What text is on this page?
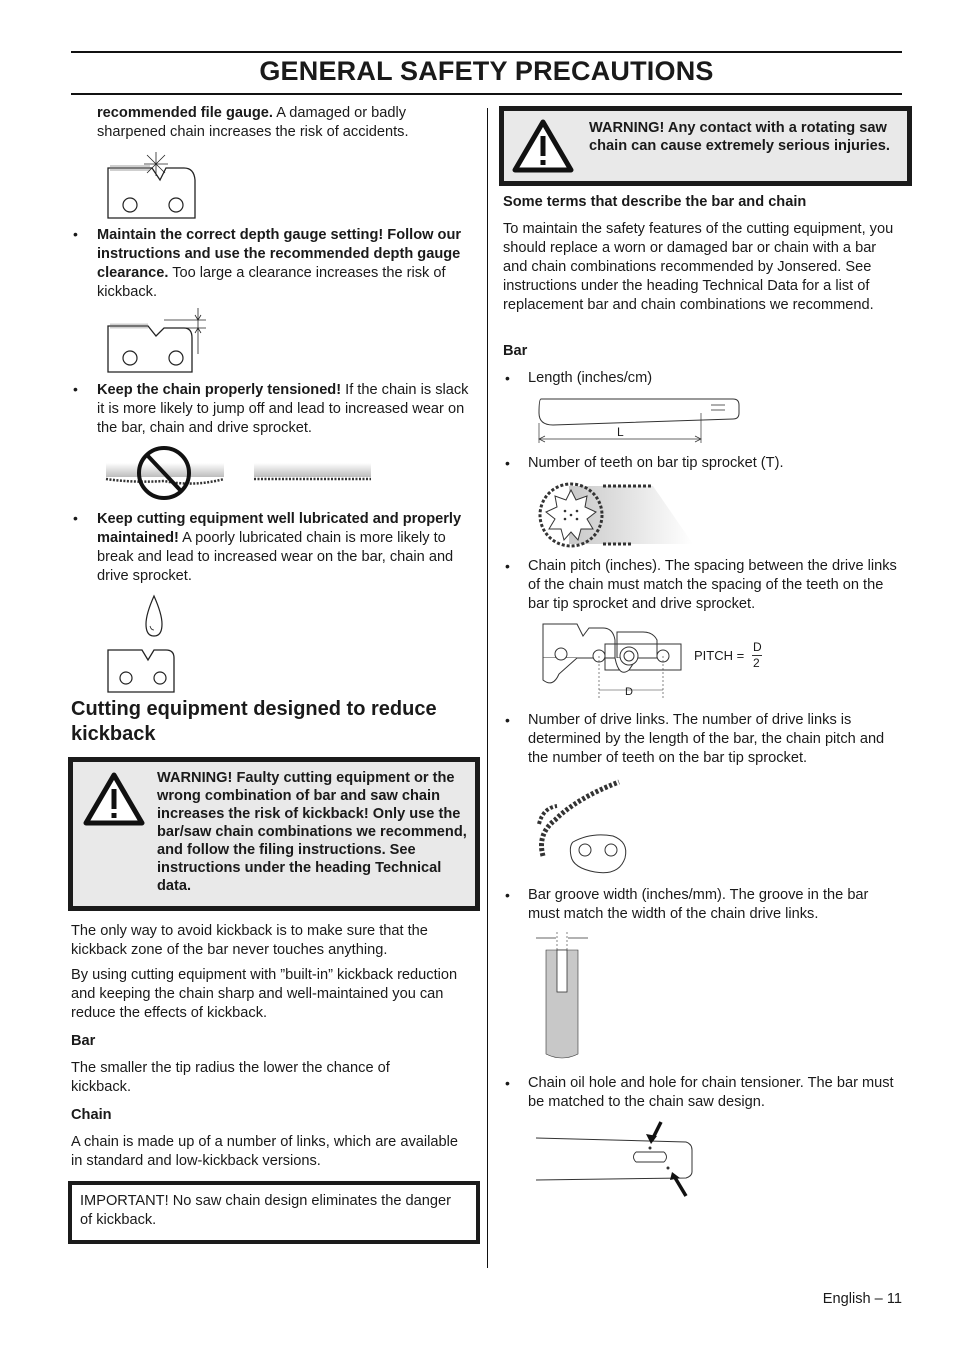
GENERAL SAFETY PRECAUTIONS

recommended file gauge. A damaged or badly sharpened chain increases the risk of accidents.

• Maintain the correct depth gauge setting! Follow our instructions and use the recommended depth gauge clearance. Too large a clearance increases the risk of kickback.

• Keep the chain properly tensioned! If the chain is slack it is more likely to jump off and lead to increased wear on the bar, chain and drive sprocket.

• Keep cutting equipment well lubricated and properly maintained! A poorly lubricated chain is more likely to break and lead to increased wear on the bar, chain and drive sprocket.

Cutting equipment designed to reduce kickback

WARNING! Faulty cutting equipment or the wrong combination of bar and saw chain increases the risk of kickback! Only use the bar/saw chain combinations we recommend, and follow the filing instructions. See instructions under the heading Technical data.

The only way to avoid kickback is to make sure that the kickback zone of the bar never touches anything.

By using cutting equipment with ”built-in” kickback reduction and keeping the chain sharp and well-maintained you can reduce the effects of kickback.

Bar

The smaller the tip radius the lower the chance of kickback.

Chain

A chain is made up of a number of links, which are available in standard and low-kickback versions.

IMPORTANT! No saw chain design eliminates the danger of kickback.

WARNING! Any contact with a rotating saw chain can cause extremely serious injuries.

Some terms that describe the bar and chain

To maintain the safety features of the cutting equipment, you should replace a worn or damaged bar or chain with a bar and chain combinations recommended by Jonsered. See instructions under the heading Technical Data for a list of replacement bar and chain combinations we recommend.

Bar

• Length (inches/cm)

L
• Number of teeth on bar tip sprocket (T).

• Chain pitch (inches). The spacing between the drive links of the chain must match the spacing of the teeth on the bar tip sprocket and drive sprocket.

D
PITCH =
D
2
• Number of drive links. The number of drive links is determined by the length of the bar, the chain pitch and the number of teeth on the bar tip sprocket.

• Bar groove width (inches/mm). The groove in the bar must match the width of the chain drive links.

• Chain oil hole and hole for chain tensioner. The bar must be matched to the chain saw design.

English – 11
